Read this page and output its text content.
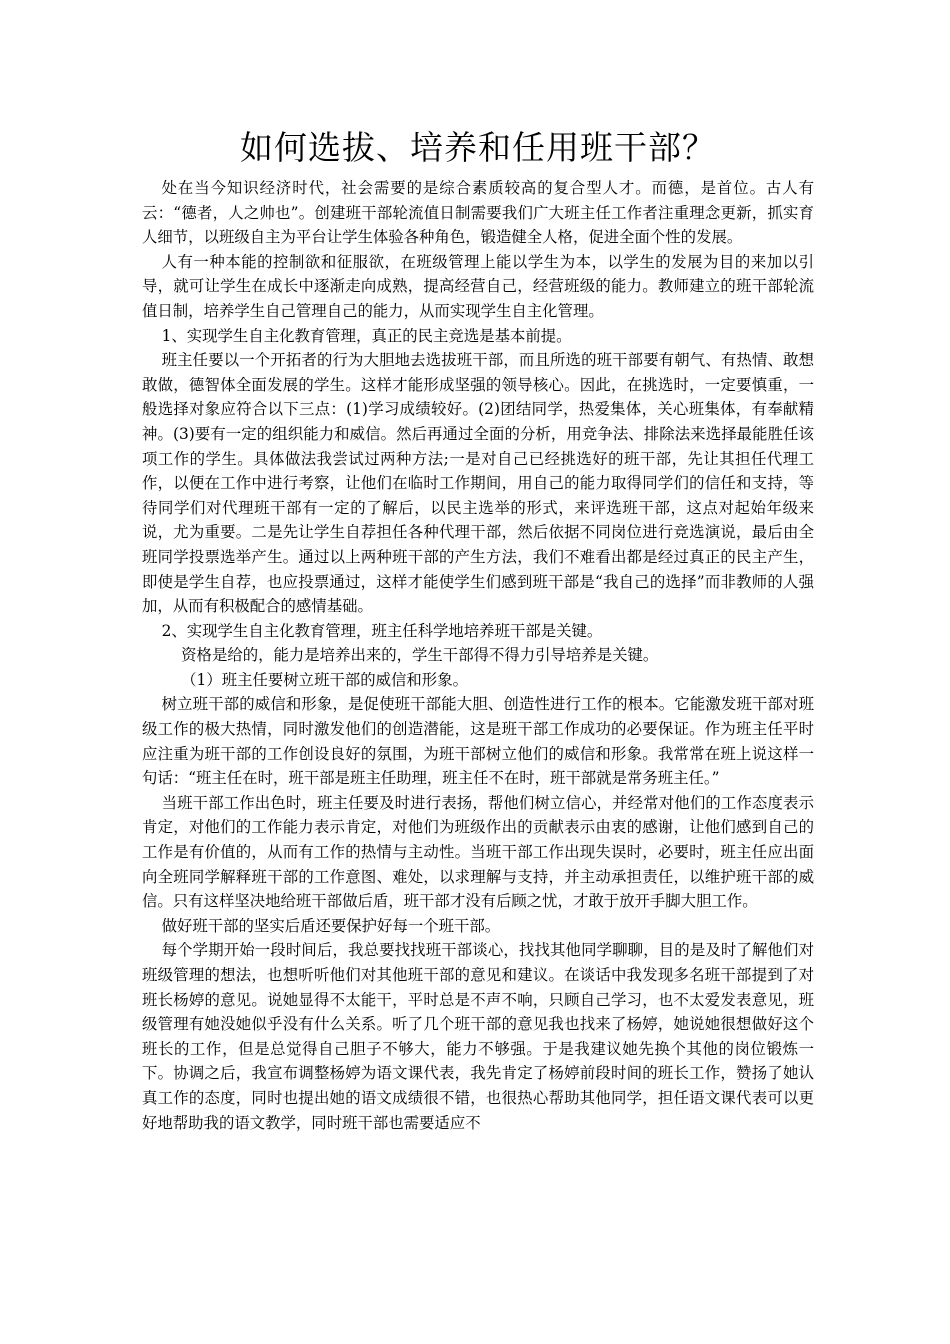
如何选拔、培养和任用班干部？

处在当今知识经济时代，社会需要的是综合素质较高的复合型人才。而德，是首位。古人有云：“德者，人之帅也”。创建班干部轮流值日制需要我们广大班主任工作者注重理念更新，抓实育人细节，以班级自主为平台让学生体验各种角色，锻造健全人格，促进全面个性的发展。

人有一种本能的控制欲和征服欲，在班级管理上能以学生为本，以学生的发展为目的来加以引导，就可让学生在成长中逐渐走向成熟，提高经营自己，经营班级的能力。教师建立的班干部轮流值日制，培养学生自己管理自己的能力，从而实现学生自主化管理。

1、实现学生自主化教育管理，真正的民主竞选是基本前提。

班主任要以一个开拓者的行为大胆地去选拔班干部，而且所选的班干部要有朝气、有热情、敢想敢做，德智体全面发展的学生。这样才能形成坚强的领导核心。因此，在挑选时，一定要慎重，一般选择对象应符合以下三点：(1)学习成绩较好。(2)团结同学，热爱集体，关心班集体，有奉献精神。(3)要有一定的组织能力和威信。然后再通过全面的分析，用竞争法、排除法来选择最能胜任该项工作的学生。具体做法我尝试过两种方法;一是对自己已经挑选好的班干部，先让其担任代理工作，以便在工作中进行考察，让他们在临时工作期间，用自己的能力取得同学们的信任和支持，等待同学们对代理班干部有一定的了解后，以民主选举的形式，来评选班干部，这点对起始年级来说，尤为重要。二是先让学生自荐担任各种代理干部，然后依据不同岗位进行竞选演说，最后由全班同学投票选举产生。通过以上两种班干部的产生方法，我们不难看出都是经过真正的民主产生，即使是学生自荐，也应投票通过，这样才能使学生们感到班干部是“我自己的选择”而非教师的人强加，从而有积极配合的感情基础。

2、实现学生自主化教育管理，班主任科学地培养班干部是关键。

资格是给的，能力是培养出来的，学生干部得不得力引导培养是关键。

（1）班主任要树立班干部的威信和形象。

树立班干部的威信和形象，是促使班干部能大胆、创造性进行工作的根本。它能激发班干部对班级工作的极大热情，同时激发他们的创造潜能，这是班干部工作成功的必要保证。作为班主任平时应注重为班干部的工作创设良好的氛围，为班干部树立他们的威信和形象。我常常在班上说这样一句话：“班主任在时，班干部是班主任助理，班主任不在时，班干部就是常务班主任。”

当班干部工作出色时，班主任要及时进行表扬，帮他们树立信心，并经常对他们的工作态度表示肯定，对他们的工作能力表示肯定，对他们为班级作出的贡献表示由衷的感谢，让他们感到自己的工作是有价值的，从而有工作的热情与主动性。当班干部工作出现失误时，必要时，班主任应出面向全班同学解释班干部的工作意图、难处，以求理解与支持，并主动承担责任，以维护班干部的威信。只有这样坚决地给班干部做后盾，班干部才没有后顾之忧，才敢于放开手脚大胆工作。

做好班干部的坚实后盾还要保护好每一个班干部。

每个学期开始一段时间后，我总要找找班干部谈心，找找其他同学聊聊，目的是及时了解他们对班级管理的想法，也想听听他们对其他班干部的意见和建议。在谈话中我发现多名班干部提到了对班长杨婷的意见。说她显得不太能干，平时总是不声不响，只顾自己学习，也不太爱发表意见，班级管理有她没她似乎没有什么关系。听了几个班干部的意见我也找来了杨婷，她说她很想做好这个班长的工作，但是总觉得自己胆子不够大，能力不够强。于是我建议她先换个其他的岗位锻炼一下。协调之后，我宣布调整杨婷为语文课代表，我先肯定了杨婷前段时间的班长工作，赞扬了她认真工作的态度，同时也提出她的语文成绩很不错，也很热心帮助其他同学，担任语文课代表可以更好地帮助我的语文教学，同时班干部也需要适应不
